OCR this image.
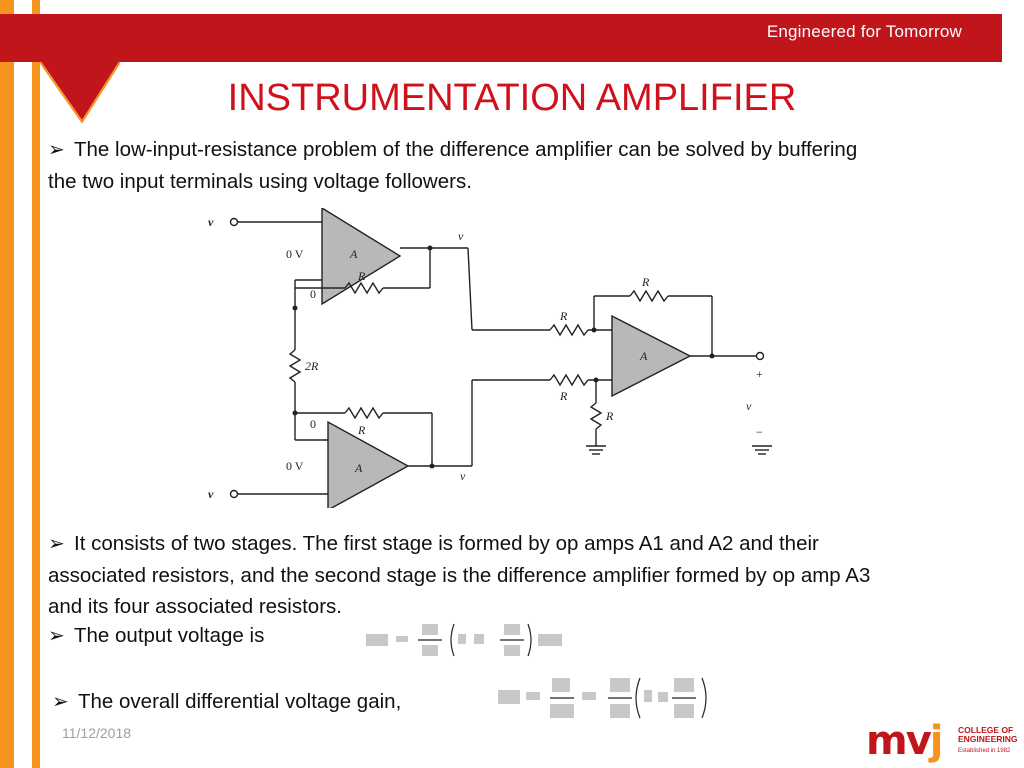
Engineered for Tomorrow
INSTRUMENTATION AMPLIFIER
➢ The low-input-resistance problem of the difference amplifier can be solved by buffering
the two input terminals using voltage followers.
v
v
A
A
A
R
R
2R
R
R
R
R
0 V
0 V
0
0
v
v
v
+
−
➢ It consists of two stages. The first stage is formed by op amps A1 and A2 and their
associated resistors, and the second stage is the difference amplifier formed by op amp A3
and its four associated resistors.
➢ The output voltage is
➢ The overall differential voltage gain,
11/12/2018	mvj COLLEGE OF
ENGINEERING
Established in 1982
